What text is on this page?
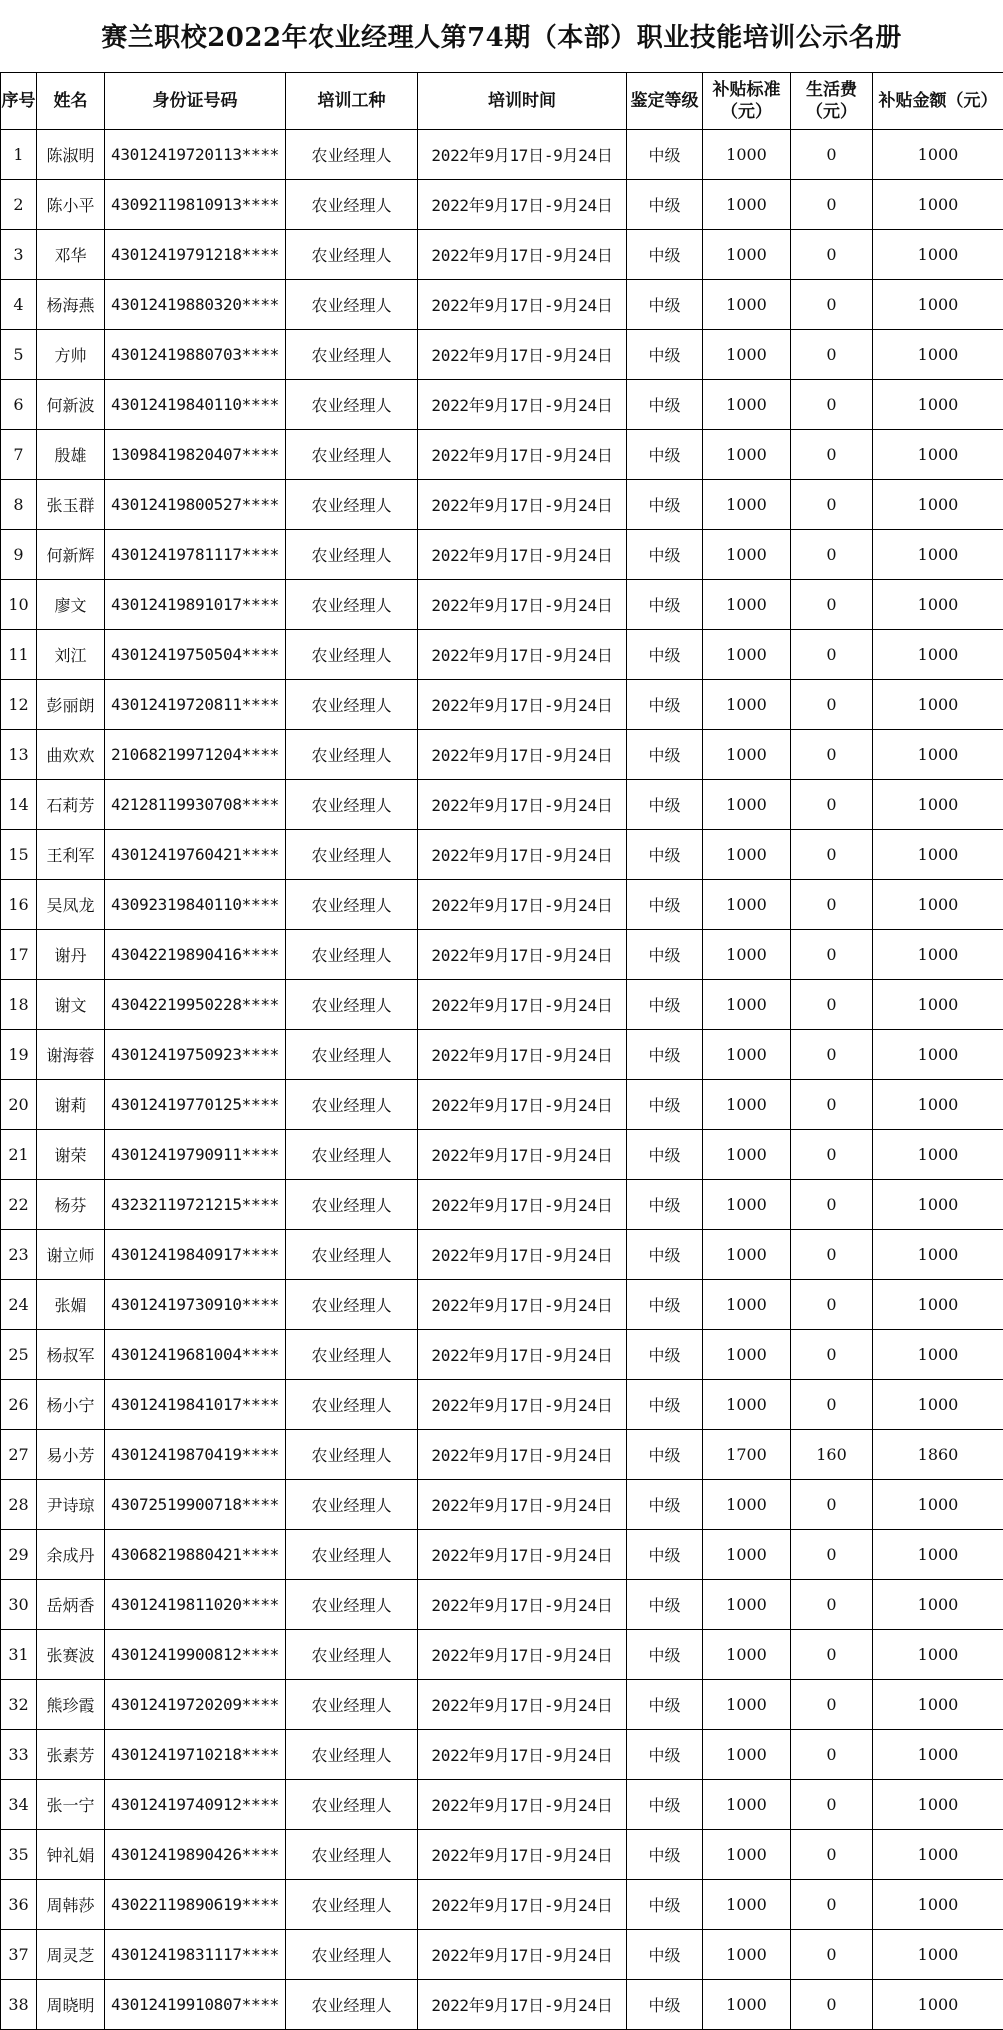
赛兰职校2022年农业经理人第74期（本部）职业技能培训公示名册
序号	姓名	身份证号码	培训工种	培训时间	鉴定等级	补贴标准（元）	生活费（元）	补贴金额（元）
1	陈淑明	43012419720113****	农业经理人	2022年9月17日-9月24日	中级	1000	0	1000
2	陈小平	43092119810913****	农业经理人	2022年9月17日-9月24日	中级	1000	0	1000
3	邓华	43012419791218****	农业经理人	2022年9月17日-9月24日	中级	1000	0	1000
4	杨海燕	43012419880320****	农业经理人	2022年9月17日-9月24日	中级	1000	0	1000
5	方帅	43012419880703****	农业经理人	2022年9月17日-9月24日	中级	1000	0	1000
6	何新波	43012419840110****	农业经理人	2022年9月17日-9月24日	中级	1000	0	1000
7	殷雄	13098419820407****	农业经理人	2022年9月17日-9月24日	中级	1000	0	1000
8	张玉群	43012419800527****	农业经理人	2022年9月17日-9月24日	中级	1000	0	1000
9	何新辉	43012419781117****	农业经理人	2022年9月17日-9月24日	中级	1000	0	1000
10	廖文	43012419891017****	农业经理人	2022年9月17日-9月24日	中级	1000	0	1000
11	刘江	43012419750504****	农业经理人	2022年9月17日-9月24日	中级	1000	0	1000
12	彭丽朗	43012419720811****	农业经理人	2022年9月17日-9月24日	中级	1000	0	1000
13	曲欢欢	21068219971204****	农业经理人	2022年9月17日-9月24日	中级	1000	0	1000
14	石莉芳	42128119930708****	农业经理人	2022年9月17日-9月24日	中级	1000	0	1000
15	王利军	43012419760421****	农业经理人	2022年9月17日-9月24日	中级	1000	0	1000
16	吴凤龙	43092319840110****	农业经理人	2022年9月17日-9月24日	中级	1000	0	1000
17	谢丹	43042219890416****	农业经理人	2022年9月17日-9月24日	中级	1000	0	1000
18	谢文	43042219950228****	农业经理人	2022年9月17日-9月24日	中级	1000	0	1000
19	谢海蓉	43012419750923****	农业经理人	2022年9月17日-9月24日	中级	1000	0	1000
20	谢莉	43012419770125****	农业经理人	2022年9月17日-9月24日	中级	1000	0	1000
21	谢荣	43012419790911****	农业经理人	2022年9月17日-9月24日	中级	1000	0	1000
22	杨芬	43232119721215****	农业经理人	2022年9月17日-9月24日	中级	1000	0	1000
23	谢立师	43012419840917****	农业经理人	2022年9月17日-9月24日	中级	1000	0	1000
24	张媚	43012419730910****	农业经理人	2022年9月17日-9月24日	中级	1000	0	1000
25	杨叔军	43012419681004****	农业经理人	2022年9月17日-9月24日	中级	1000	0	1000
26	杨小宁	43012419841017****	农业经理人	2022年9月17日-9月24日	中级	1000	0	1000
27	易小芳	43012419870419****	农业经理人	2022年9月17日-9月24日	中级	1700	160	1860
28	尹诗琼	43072519900718****	农业经理人	2022年9月17日-9月24日	中级	1000	0	1000
29	余成丹	43068219880421****	农业经理人	2022年9月17日-9月24日	中级	1000	0	1000
30	岳炳香	43012419811020****	农业经理人	2022年9月17日-9月24日	中级	1000	0	1000
31	张赛波	43012419900812****	农业经理人	2022年9月17日-9月24日	中级	1000	0	1000
32	熊珍霞	43012419720209****	农业经理人	2022年9月17日-9月24日	中级	1000	0	1000
33	张素芳	43012419710218****	农业经理人	2022年9月17日-9月24日	中级	1000	0	1000
34	张一宁	43012419740912****	农业经理人	2022年9月17日-9月24日	中级	1000	0	1000
35	钟礼娟	43012419890426****	农业经理人	2022年9月17日-9月24日	中级	1000	0	1000
36	周韩莎	43022119890619****	农业经理人	2022年9月17日-9月24日	中级	1000	0	1000
37	周灵芝	43012419831117****	农业经理人	2022年9月17日-9月24日	中级	1000	0	1000
38	周晓明	43012419910807****	农业经理人	2022年9月17日-9月24日	中级	1000	0	1000
